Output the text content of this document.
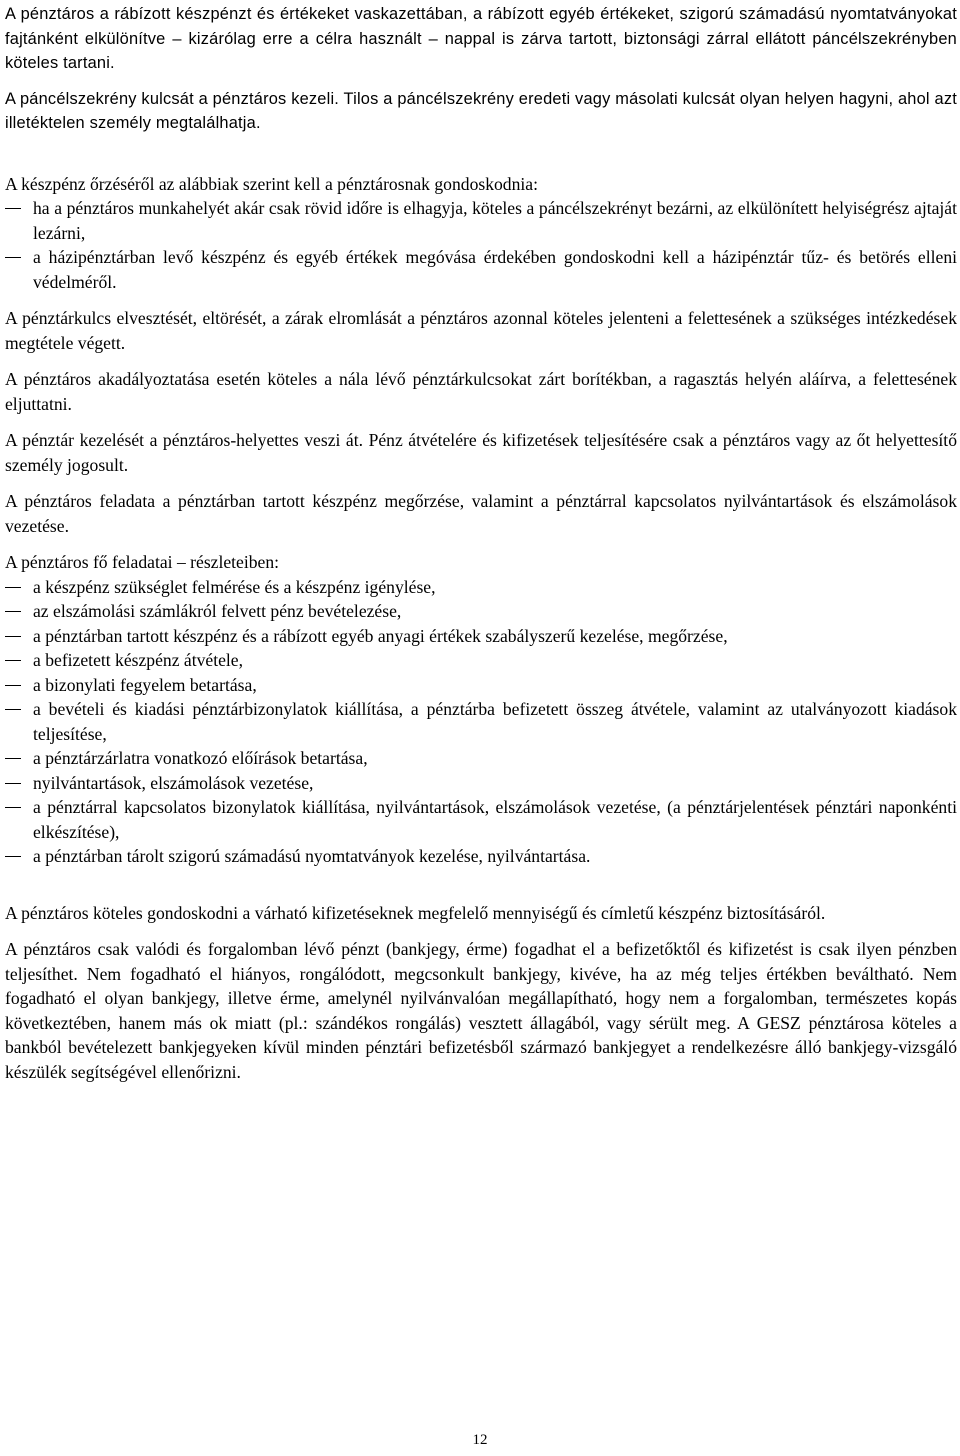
A pénztáros a rábízott készpénzt és értékeket vaskazettában, a rábízott egyéb értékeket, szigorú számadású nyomtatványokat fajtánként elkülönítve – kizárólag erre a célra használt – nappal is zárva tartott, biztonsági zárral ellátott páncélszekrényben köteles tartani.

A páncélszekrény kulcsát a pénztáros kezeli. Tilos a páncélszekrény eredeti vagy másolati kulcsát olyan helyen hagyni, ahol azt illetéktelen személy megtalálhatja.

A készpénz őrzéséről az alábbiak szerint kell a pénztárosnak gondoskodnia:

ha a pénztáros munkahelyét akár csak rövid időre is elhagyja, köteles a páncélszekrényt bezárni, az elkülönített helyiségrész ajtaját lezárni,
a házipénztárban levő készpénz és egyéb értékek megóvása érdekében gondoskodni kell a házipénztár tűz- és betörés elleni védelméről.

A pénztárkulcs elvesztését, eltörését, a zárak elromlását a pénztáros azonnal köteles jelenteni a felettesének a szükséges intézkedések megtétele végett.

A pénztáros akadályoztatása esetén köteles a nála lévő pénztárkulcsokat zárt borítékban, a ragasztás helyén aláírva, a felettesének eljuttatni.

A pénztár kezelését a pénztáros-helyettes veszi át. Pénz átvételére és kifizetések teljesítésére csak a pénztáros vagy az őt helyettesítő személy jogosult.

A pénztáros feladata a pénztárban tartott készpénz megőrzése, valamint a pénztárral kapcsolatos nyilvántartások és elszámolások vezetése.

A pénztáros fő feladatai – részleteiben:

a készpénz szükséglet felmérése és a készpénz igénylése,
az elszámolási számlákról felvett pénz bevételezése,
a pénztárban tartott készpénz és a rábízott egyéb anyagi értékek szabályszerű kezelése, megőrzése,
a befizetett készpénz átvétele,
a bizonylati fegyelem betartása,
a bevételi és kiadási pénztárbizonylatok kiállítása, a pénztárba befizetett összeg átvétele, valamint az utalványozott kiadások teljesítése,
a pénztárzárlatra vonatkozó előírások betartása,
nyilvántartások, elszámolások vezetése,
a pénztárral kapcsolatos bizonylatok kiállítása, nyilvántartások, elszámolások vezetése, (a pénztárjelentések pénztári naponkénti elkészítése),
a pénztárban tárolt szigorú számadású nyomtatványok kezelése, nyilvántartása.

A pénztáros köteles gondoskodni a várható kifizetéseknek megfelelő mennyiségű és címletű készpénz biztosításáról.

A pénztáros csak valódi és forgalomban lévő pénzt (bankjegy, érme) fogadhat el a befizetőktől és kifizetést is csak ilyen pénzben teljesíthet. Nem fogadható el hiányos, rongálódott, megcsonkult bankjegy, kivéve, ha az még teljes értékben beváltható. Nem fogadható el olyan bankjegy, illetve érme, amelynél nyilvánvalóan megállapítható, hogy nem a forgalomban, természetes kopás következtében, hanem más ok miatt (pl.: szándékos rongálás) vesztett állagából, vagy sérült meg. A GESZ pénztárosa köteles a bankból bevételezett bankjegyeken kívül minden pénztári befizetésből származó bankjegyet a rendelkezésre álló bankjegy-vizsgáló készülék segítségével ellenőrizni.

12
